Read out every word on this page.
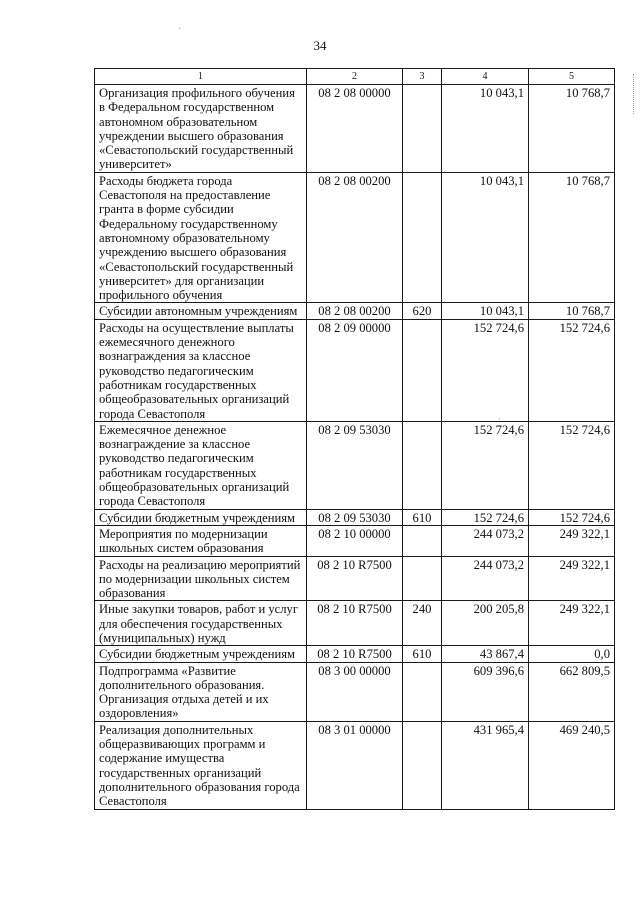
·
34
·
1	2	3	4	5
Организация профильного обучения в Федеральном государственном автономном образовательном учреждении высшего образования «Севастопольский государственный университет»	08 2 08 00000		10 043,1	10 768,7
Расходы бюджета города Севастополя на предоставление гранта в форме субсидии Федеральному государственному автономному образовательному учреждению высшего образования «Севастопольский государственный университет» для организации профильного обучения	08 2 08 00200		10 043,1	10 768,7
Субсидии автономным учреждениям	08 2 08 00200	620	10 043,1	10 768,7
Расходы на осуществление выплаты ежемесячного денежного вознаграждения за классное руководство педагогическим работникам государственных общеобразовательных организаций города Севастополя	08 2 09 00000		152 724,6	152 724,6
Ежемесячное денежное вознаграждение за классное руководство педагогическим работникам государственных общеобразовательных организаций города Севастополя	08 2 09 53030		152 724,6	152 724,6
Субсидии бюджетным учреждениям	08 2 09 53030	610	152 724,6	152 724,6
Мероприятия по модернизации школьных систем образования	08 2 10 00000		244 073,2	249 322,1
Расходы на реализацию мероприятий по модернизации школьных систем образования	08 2 10 R7500		244 073,2	249 322,1
Иные закупки товаров, работ и услуг для обеспечения государственных (муниципальных) нужд	08 2 10 R7500	240	200 205,8	249 322,1
Субсидии бюджетным учреждениям	08 2 10 R7500	610	43 867,4	0,0
Подпрограмма «Развитие дополнительного образования. Организация отдыха детей и их оздоровления»	08 3 00 00000		609 396,6	662 809,5
Реализация дополнительных общеразвивающих программ и содержание имущества государственных организаций дополнительного образования города Севастополя	08 3 01 00000		431 965,4	469 240,5
